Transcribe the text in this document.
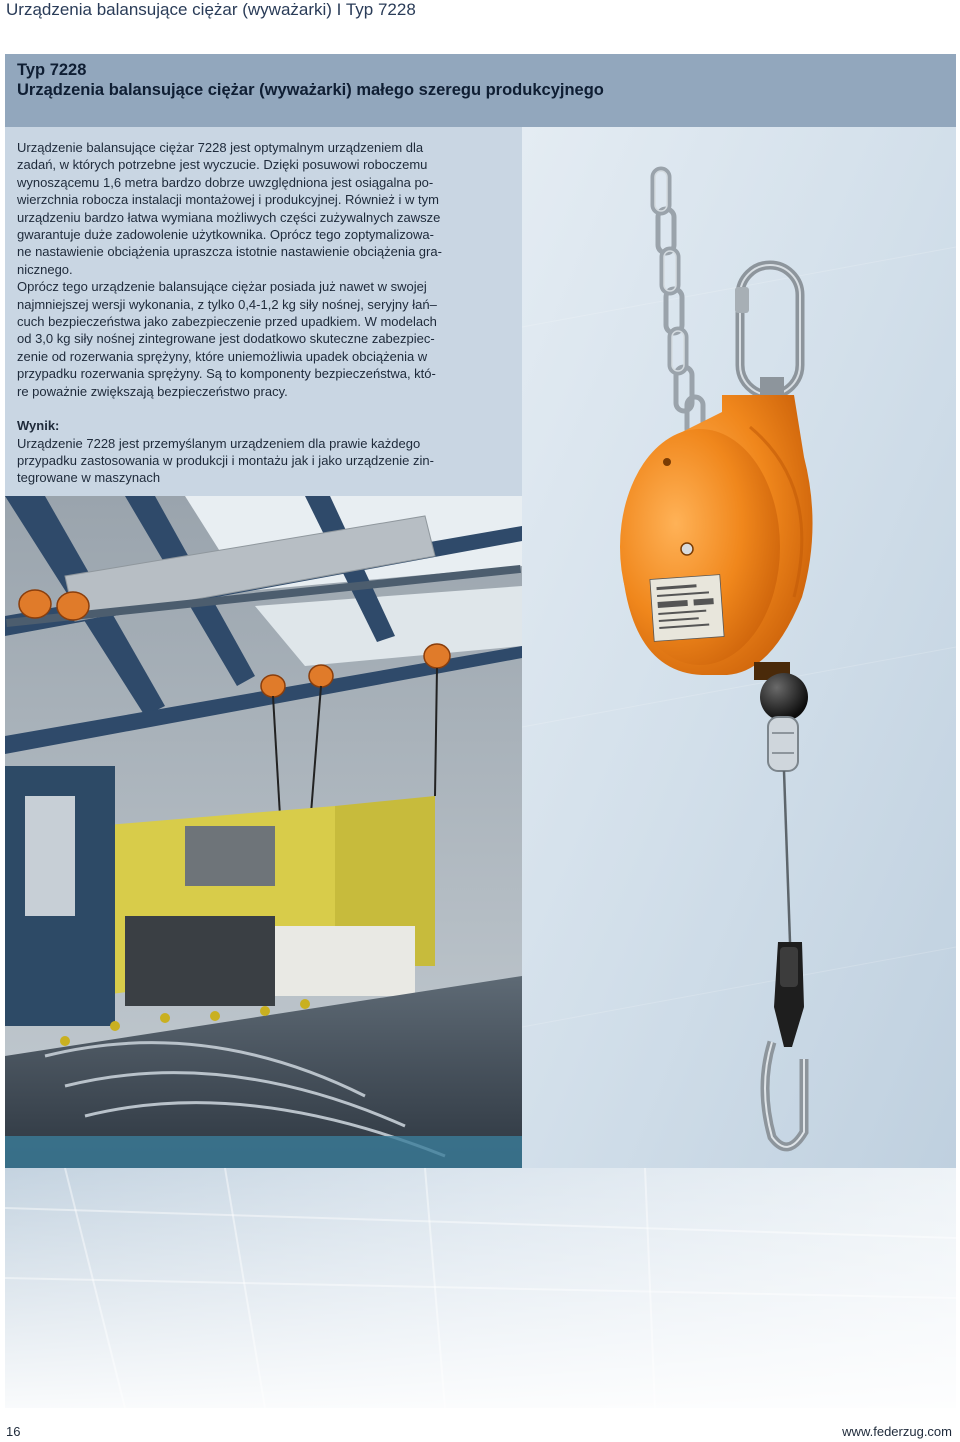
Urządzenia balansujące ciężar (wyważarki) I Typ 7228
Typ 7228
Urządzenia balansujące ciężar (wyważarki) małego szeregu produkcyjnego

Urządzenie balansujące ciężar 7228 jest optymalnym urządzeniem dla

zadań, w których potrzebne jest wyczucie. Dzięki posuwowi roboczemu

wynoszącemu 1,6 metra bardzo dobrze uwzględniona jest osiągalna po-

wierzchnia robocza instalacji montażowej i produkcyjnej. Również i w tym

urządzeniu bardzo łatwa wymiana możliwych części zużywalnych zawsze

gwarantuje duże zadowolenie użytkownika. Oprócz tego zoptymalizowa-

ne nastawienie obciążenia upraszcza istotnie nastawienie obciążenia gra-

nicznego.

Oprócz tego urządzenie balansujące ciężar posiada już nawet w swojej

najmniejszej wersji wykonania, z tylko 0,4-1,2 kg siły nośnej, seryjny łań–

cuch bezpieczeństwa jako zabezpieczenie przed upadkiem. W modelach

od 3,0 kg siły nośnej zintegrowane jest dodatkowo skuteczne zabezpiec-

zenie od rozerwania sprężyny, które uniemożliwia upadek obciążenia w

przypadku rozerwania sprężyny. Są to komponenty bezpieczeństwa, któ-

re poważnie zwiększają bezpieczeństwo pracy.

Wynik:

Urządzenie 7228 jest przemyślanym urządzeniem dla prawie każdego

przypadku zastosowania w produkcji i montażu jak i jako urządzenie zin-

tegrowane w maszynach

16	www.federzug.com
